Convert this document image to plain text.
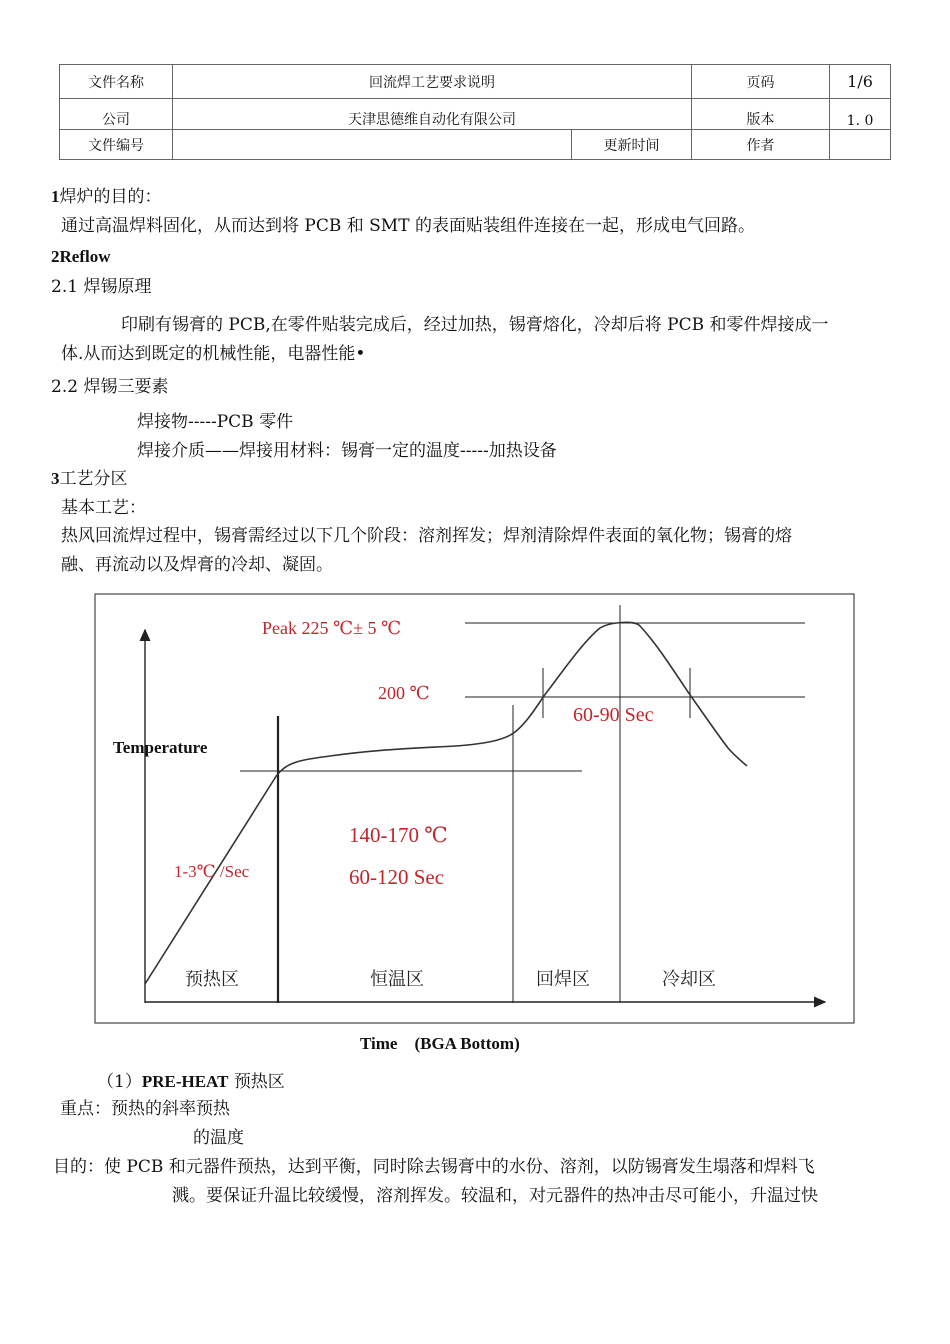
文件名称	回流焊工艺要求说明		页码	1/6
公司	天津思德维自动化有限公司		版本	1. 0
文件编号		更新时间	作者	
1焊炉的目的：
通过高温焊料固化，从而达到将 PCB 和 SMT 的表面贴装组件连接在一起，形成电气回路。
2Reflow
2.1 焊锡原理
印刷有锡膏的 PCB,在零件贴装完成后，经过加热，锡膏熔化，冷却后将 PCB 和零件焊接成一
体.从而达到既定的机械性能，电器性能•
2.2 焊锡三要素
焊接物-----PCB 零件
焊接介质——焊接用材料：锡膏一定的温度-----加热设备
3工艺分区
基本工艺：
热风回流焊过程中，锡膏需经过以下几个阶段：溶剂挥发；焊剂清除焊件表面的氧化物；锡膏的熔
融、再流动以及焊膏的冷却、凝固。
Peak 225 ℃± 5 ℃
200 ℃
60-90 Sec
Temperature
140-170 ℃
60-120 Sec
1-3℃ /Sec
预热区	恒温区	回焊区	冷却区
Time    (BGA Bottom)
（1）PRE-HEAT 预热区
重点：预热的斜率预热
的温度
目的：使 PCB 和元器件预热，达到平衡，同时除去锡膏中的水份、溶剂，以防锡膏发生塌落和焊料飞
溅。要保证升温比较缓慢，溶剂挥发。较温和，对元器件的热冲击尽可能小，升温过快
